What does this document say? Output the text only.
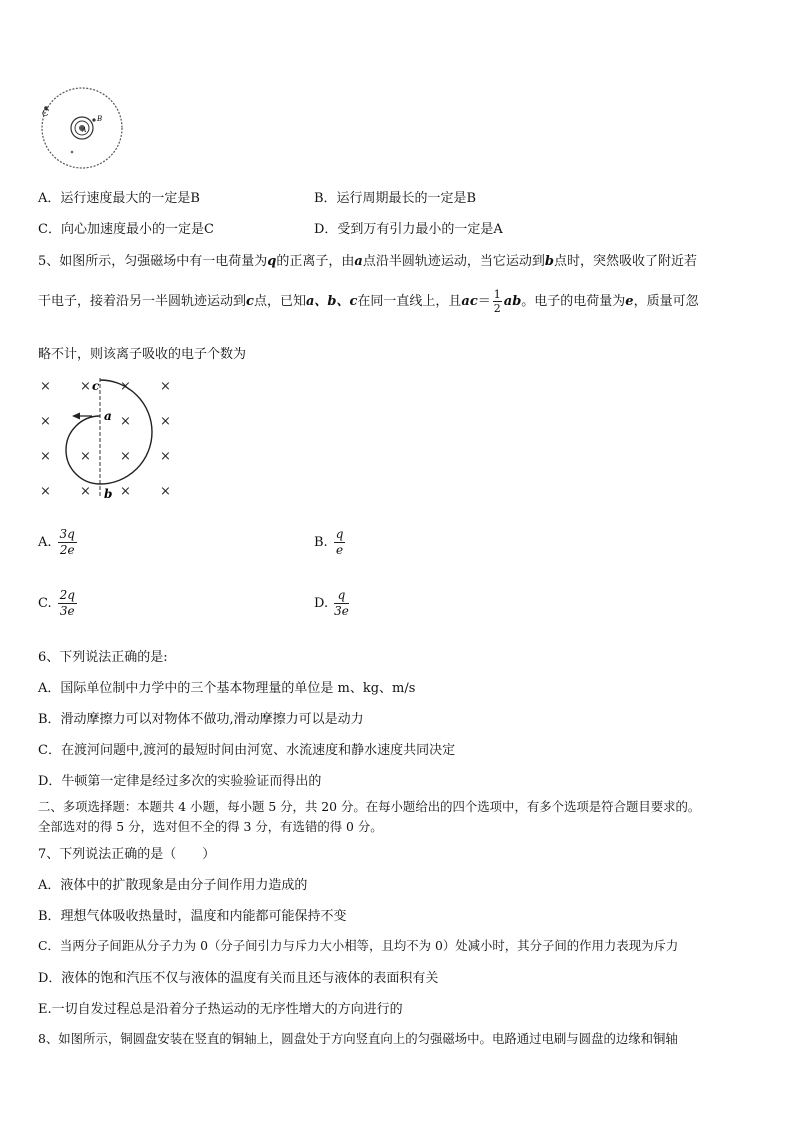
C
A
B
A．运行速度最大的一定是B	B．运行周期最长的一定是B
C．向心加速度最小的一定是C	D．受到万有引力最小的一定是A
5、如图所示，匀强磁场中有一电荷量为q的正离子，由a点沿半圆轨迹运动，当它运动到b点时，突然吸收了附近若
干电子，接着沿另一半圆轨迹运动到c点，已知a、b、c在同一直线上，且$ac= \frac{1}{2}$ ab。电子的电荷量为e，质量可忽
略不计，则该离子吸收的电子个数为
× × × ×
×	× ×
× × × ×
× × × ×
c
a
b
A. $\frac{3q}{2e}$	B. $\frac{q}{e}$
C. $\frac{2q}{3e}$	D. $\frac{q}{3e}$
6、下列说法正确的是:
A．国际单位制中力学中的三个基本物理量的单位是 m、kg、m/s
B．滑动摩擦力可以对物体不做功,滑动摩擦力可以是动力
C．在渡河问题中,渡河的最短时间由河宽、水流速度和静水速度共同决定
D．牛顿第一定律是经过多次的实验验证而得出的
二、多项选择题：本题共 4 小题，每小题 5 分，共 20 分。在每小题给出的四个选项中，有多个选项是符合题目要求的。
全部选对的得 5 分，选对但不全的得 3 分，有选错的得 0 分。
7、下列说法正确的是（　　）
A．液体中的扩散现象是由分子间作用力造成的
B．理想气体吸收热量时，温度和内能都可能保持不变
C．当两分子间距从分子力为 0（分子间引力与斥力大小相等，且均不为 0）处减小时，其分子间的作用力表现为斥力
D．液体的饱和汽压不仅与液体的温度有关而且还与液体的表面积有关
E.一切自发过程总是沿着分子热运动的无序性增大的方向进行的
8、如图所示，铜圆盘安装在竖直的铜轴上，圆盘处于方向竖直向上的匀强磁场中。电路通过电刷与圆盘的边缘和铜轴
